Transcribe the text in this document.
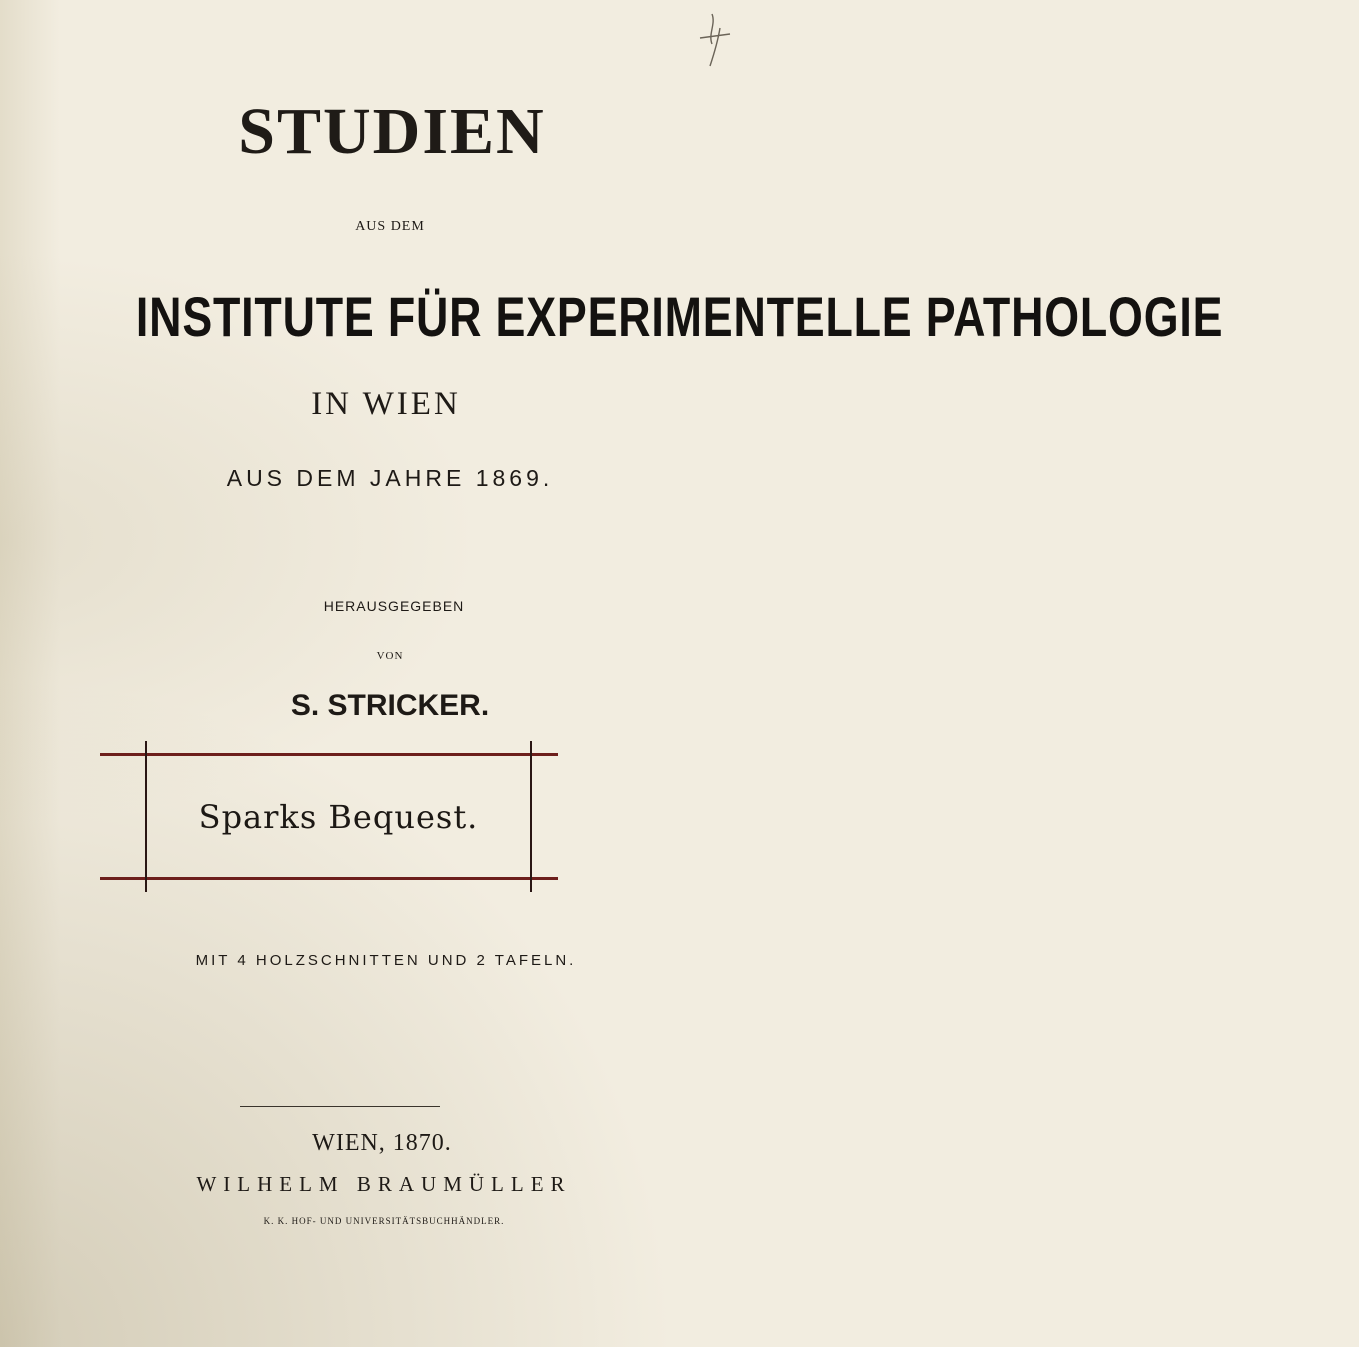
STUDIEN

AUS DEM

INSTITUTE FÜR EXPERIMENTELLE PATHOLOGIE

IN WIEN

AUS DEM JAHRE 1869.

HERAUSGEGEBEN

VON

S. STRICKER.

Sparks Bequest.

MIT 4 HOLZSCHNITTEN UND 2 TAFELN.

WIEN, 1870.

WILHELM BRAUMÜLLER

K. K. HOF- UND UNIVERSITÄTSBUCHHÄNDLER.
